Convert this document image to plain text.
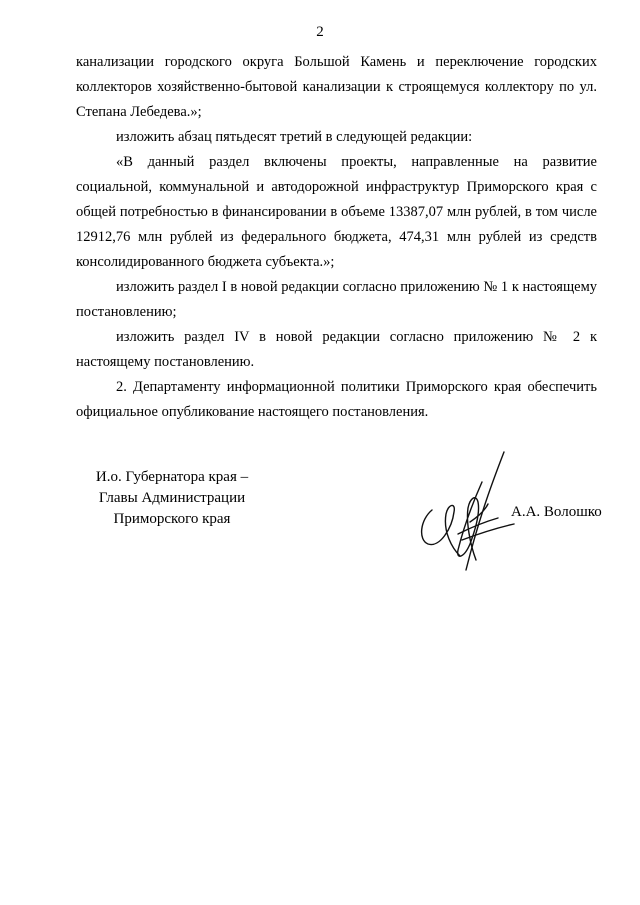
2

канализации городского округа Большой Камень и переключение городских коллекторов хозяйственно-бытовой канализации к строящемуся коллектору по ул. Степана Лебедева.»;

изложить абзац пятьдесят третий в следующей редакции:

«В данный раздел включены проекты, направленные на развитие социальной, коммунальной и автодорожной инфраструктур Приморского края с общей потребностью в финансировании в объеме 13387,07 млн рублей, в том числе 12912,76 млн рублей из федерального бюджета, 474,31 млн рублей из средств консолидированного бюджета субъекта.»;

изложить раздел I в новой редакции согласно приложению № 1 к настоящему постановлению;

изложить раздел IV в новой редакции согласно приложению № 2 к настоящему постановлению.

2. Департаменту информационной политики Приморского края обеспечить официальное опубликование настоящего постановления.

И.о. Губернатора края –
Главы Администрации
Приморского края	А.А. Волошко
